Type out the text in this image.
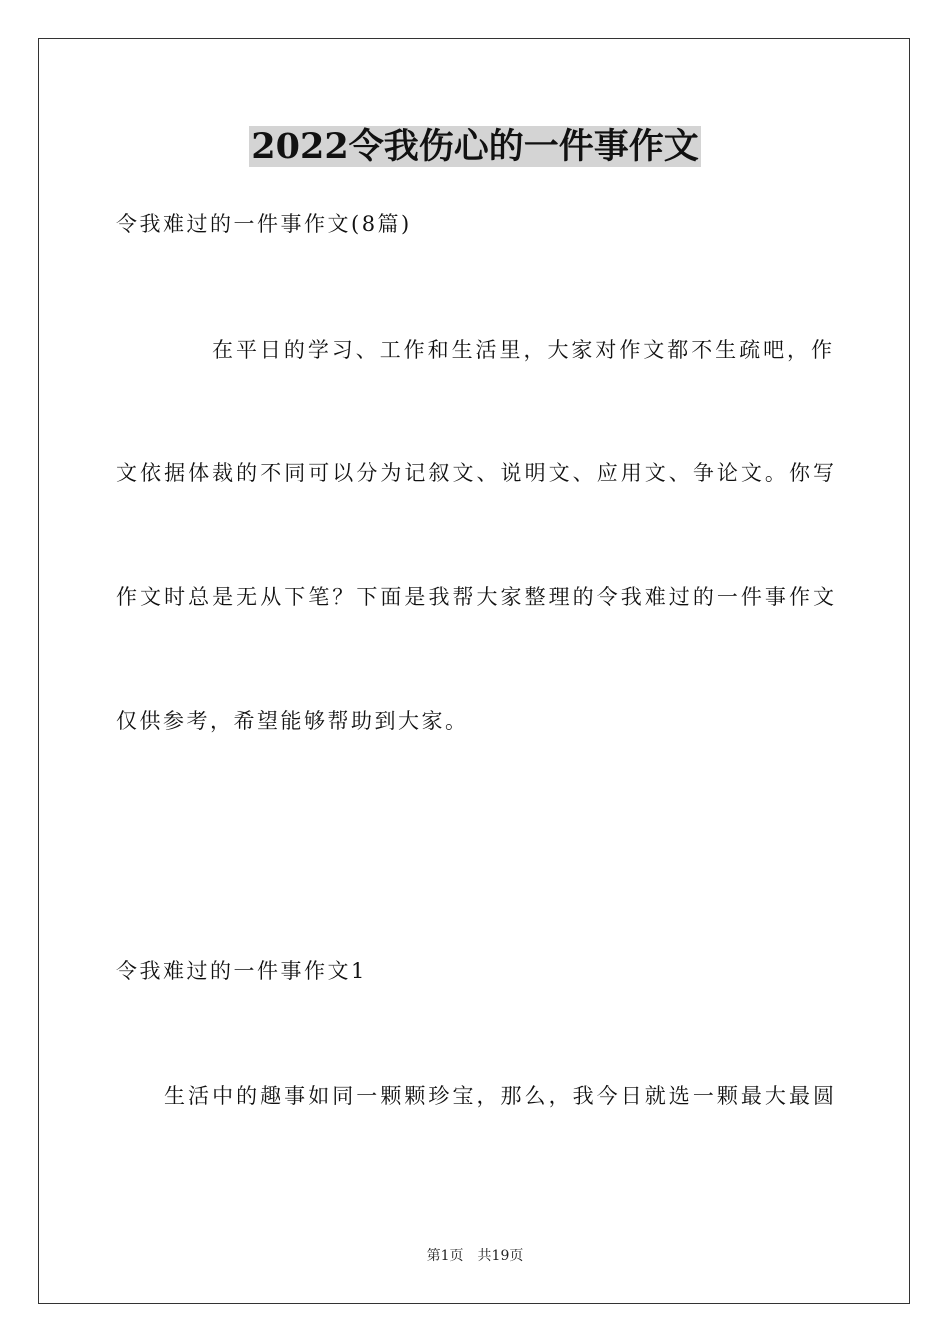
2022令我伤心的一件事作文
令我难过的一件事作文(8篇)
在平日的学习、工作和生活里，大家对作文都不生疏吧，作
文依据体裁的不同可以分为记叙文、说明文、应用文、争论文。你写
作文时总是无从下笔？下面是我帮大家整理的令我难过的一件事作文
仅供参考，希望能够帮助到大家。
令我难过的一件事作文1
生活中的趣事如同一颗颗珍宝，那么，我今日就选一颗最大最圆
第1页 共19页
